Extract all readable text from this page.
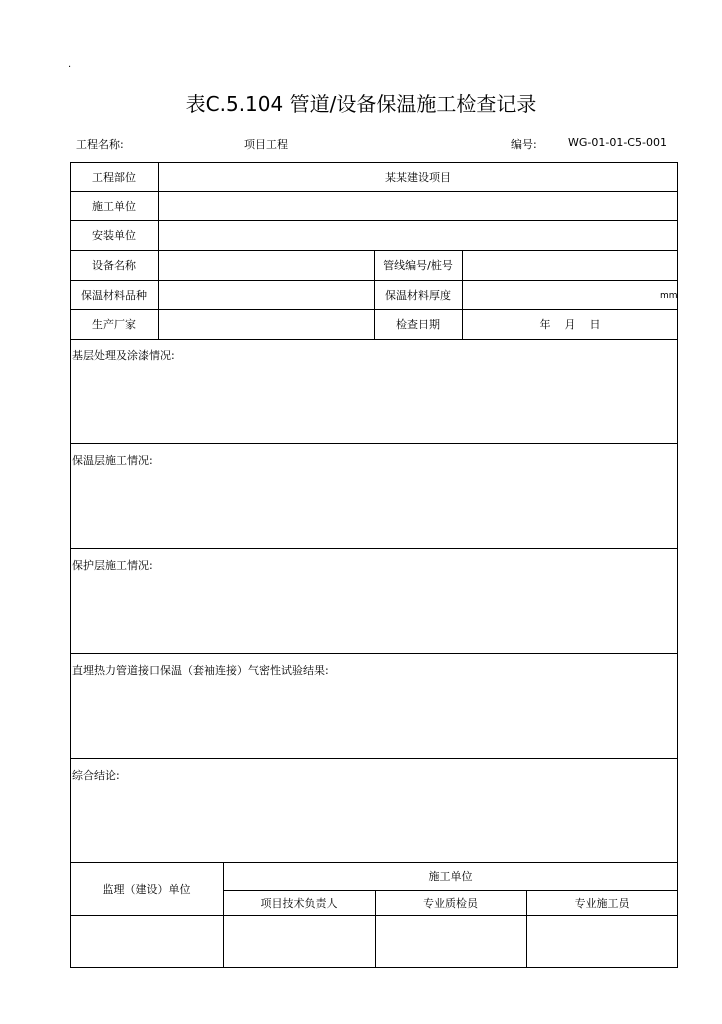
·
表C.5.104 管道/设备保温施工检查记录
工程名称:	项目工程	编号:	WG-01-01-C5-001
工程部位	某某建设项目
施工单位
安装单位
设备名称	管线编号/桩号
保温材料品种	保温材料厚度	mm
生产厂家	检查日期	年    月    日
基层处理及涂漆情况:
保温层施工情况:
保护层施工情况:
直埋热力管道接口保温（套袖连接）气密性试验结果:
综合结论:
监理（建设）单位
施工单位
项目技术负责人	专业质检员	专业施工员
